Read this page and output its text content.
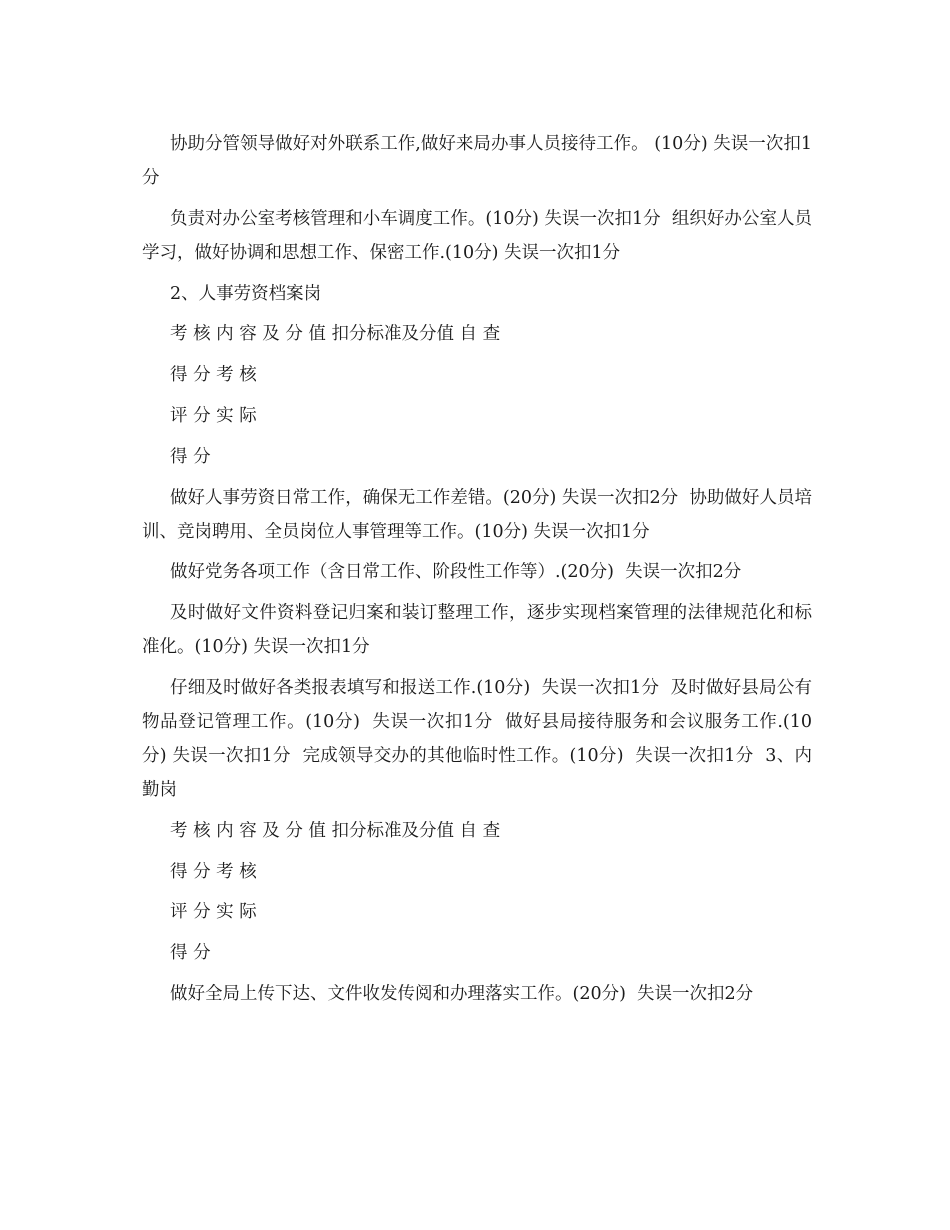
协助分管领导做好对外联系工作,做好来局办事人员接待工作。 (10分) 失误一次扣1分

负责对办公室考核管理和小车调度工作。(10分) 失误一次扣1分  组织好办公室人员学习，做好协调和思想工作、保密工作.(10分) 失误一次扣1分

2、人事劳资档案岗

考 核 内 容 及 分 值 扣分标准及分值 自 查

得 分 考 核

评 分 实 际

得 分

做好人事劳资日常工作，确保无工作差错。(20分) 失误一次扣2分  协助做好人员培训、竞岗聘用、全员岗位人事管理等工作。(10分) 失误一次扣1分

做好党务各项工作（含日常工作、阶段性工作等）.(20分)  失误一次扣2分

及时做好文件资料登记归案和装订整理工作，逐步实现档案管理的法律规范化和标准化。(10分) 失误一次扣1分

仔细及时做好各类报表填写和报送工作.(10分)  失误一次扣1分  及时做好县局公有物品登记管理工作。(10分)  失误一次扣1分  做好县局接待服务和会议服务工作.(10分) 失误一次扣1分  完成领导交办的其他临时性工作。(10分)  失误一次扣1分  3、内勤岗

考 核 内 容 及 分 值 扣分标准及分值 自 查

得 分 考 核

评 分 实 际

得 分

做好全局上传下达、文件收发传阅和办理落实工作。(20分)  失误一次扣2分
